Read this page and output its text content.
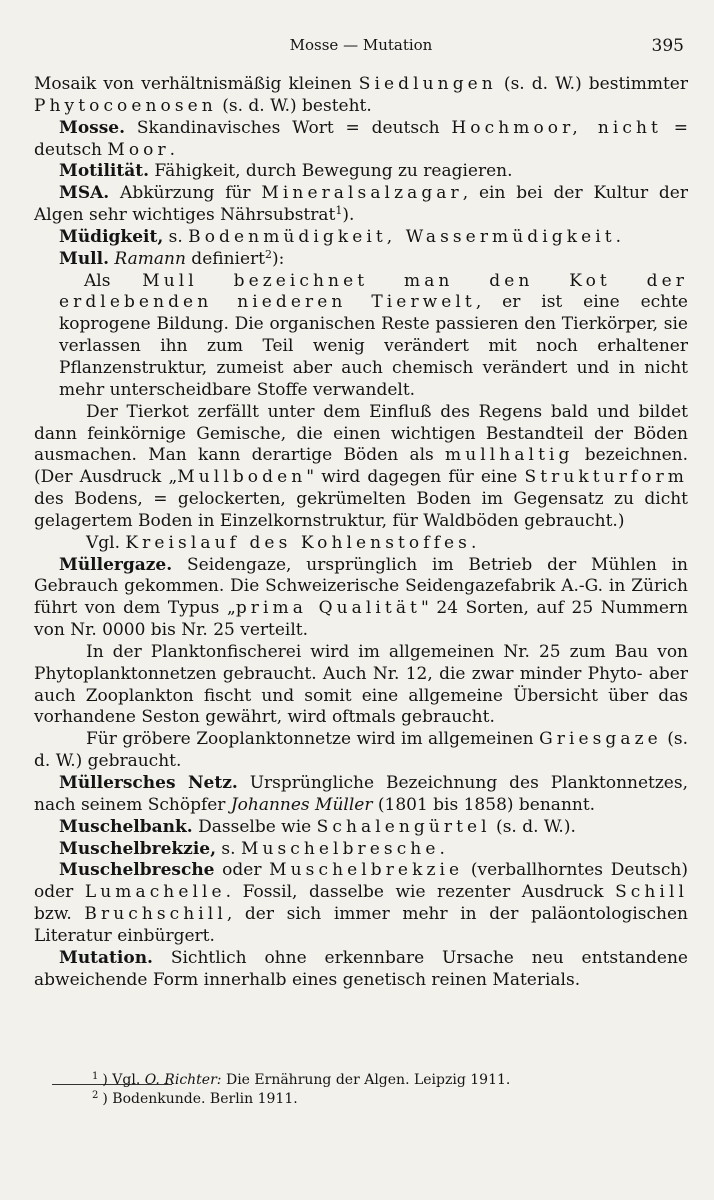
Mosse — Mutation	395

Mosaik von verhältnismäßig kleinen Siedlungen (s. d. W.) bestimmter Phytocoenosen (s. d. W.) besteht.

Mosse. Skandinavisches Wort = deutsch Hochmoor, nicht = deutsch Moor.

Motilität. Fähigkeit, durch Bewegung zu reagieren.

MSA. Abkürzung für Mineralsalzagar, ein bei der Kultur der Algen sehr wichtiges Nährsubstrat$^1$).

Müdigkeit, s. Bodenmüdigkeit, Wassermüdigkeit.

Mull. Ramann definiert$^2$):

Als Mull bezeichnet man den Kot der erdlebenden niederen Tierwelt, er ist eine echte koprogene Bildung. Die organischen Reste passieren den Tierkörper, sie verlassen ihn zum Teil wenig verändert mit noch erhaltener Pflanzenstruktur, zumeist aber auch chemisch verändert und in nicht mehr unterscheidbare Stoffe verwandelt.

Der Tierkot zerfällt unter dem Einfluß des Regens bald und bildet dann feinkörnige Gemische, die einen wichtigen Bestandteil der Böden ausmachen. Man kann derartige Böden als mullhaltig bezeichnen. (Der Ausdruck „Mullboden" wird dagegen für eine Strukturform des Bodens, = gelockerten, gekrümelten Boden im Gegensatz zu dicht gelagertem Boden in Einzelkornstruktur, für Waldböden gebraucht.)

Vgl. Kreislauf des Kohlenstoffes.

Müllergaze. Seidengaze, ursprünglich im Betrieb der Mühlen in Gebrauch gekommen. Die Schweizerische Seidengazefabrik A.-G. in Zürich führt von dem Typus „prima Qualität" 24 Sorten, auf 25 Nummern von Nr. 0000 bis Nr. 25 verteilt.

In der Planktonfischerei wird im allgemeinen Nr. 25 zum Bau von Phytoplanktonnetzen gebraucht. Auch Nr. 12, die zwar minder Phyto- aber auch Zooplankton fischt und somit eine allgemeine Übersicht über das vorhandene Seston gewährt, wird oftmals gebraucht.

Für gröbere Zooplanktonnetze wird im allgemeinen Griesgaze (s. d. W.) gebraucht.

Müllersches Netz. Ursprüngliche Bezeichnung des Planktonnetzes, nach seinem Schöpfer Johannes Müller (1801 bis 1858) benannt.

Muschelbank. Dasselbe wie Schalengürtel (s. d. W.).

Muschelbrekzie, s. Muschelbresche.

Muschelbresche oder Muschelbrekzie (verballhorntes Deutsch) oder Lumachelle. Fossil, dasselbe wie rezenter Ausdruck Schill bzw. Bruchschill, der sich immer mehr in der paläontologischen Literatur einbürgert.

Mutation. Sichtlich ohne erkennbare Ursache neu entstandene abweichende Form innerhalb eines genetisch reinen Materials.

$^1$ ) Vgl. O. Richter: Die Ernährung der Algen. Leipzig 1911.

$^2$ ) Bodenkunde. Berlin 1911.
